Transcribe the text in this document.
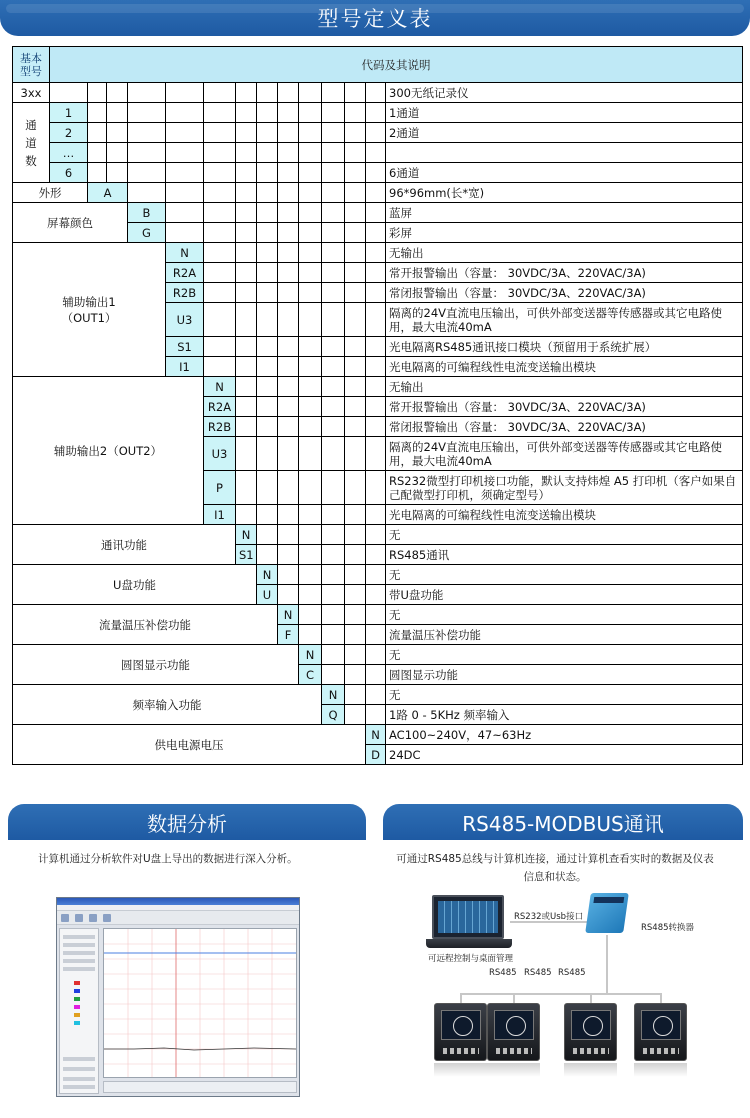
型号定义表
基本型号	代码及其说明													
3xx														300无纸记录仪
通道数	1													1通道
	2													2通道
	…													
	6													6通道
外形		A												96*96mm(长*宽)
屏幕颜色				B										蓝屏
				G										彩屏
辅助输出1
（OUT1）					N									无输出
					R2A									常开报警输出（容量： 30VDC/3A、220VAC/3A)
					R2B									常闭报警输出（容量： 30VDC/3A、220VAC/3A)
					U3									隔离的24V直流电压输出，可供外部变送器等传感器或其它电路使用，最大电流40mA
					S1									光电隔离RS485通讯接口模块（预留用于系统扩展）
					I1									光电隔离的可编程线性电流变送输出模块
辅助输出2（OUT2）						N								无输出
						R2A								常开报警输出（容量： 30VDC/3A、220VAC/3A)
						R2B								常闭报警输出（容量： 30VDC/3A、220VAC/3A)
						U3								隔离的24V直流电压输出，可供外部变送器等传感器或其它电路使用，最大电流40mA
						P								RS232微型打印机接口功能，默认支持炜煌 A5 打印机（客户如果自己配微型打印机，须确定型号）
						I1								光电隔离的可编程线性电流变送输出模块
通讯功能							N							无
							S1							RS485通讯
U盘功能								N						无
								U						带U盘功能
流量温压补偿功能									N					无
									F					流量温压补偿功能
圆图显示功能										N				无
										C				圆图显示功能
频率输入功能											N			无
											Q			1路 0 - 5KHz 频率输入
供电电源电压													N	AC100~240V，47~63Hz
													D	24DC
数据分析	RS485-MODBUS通讯
计算机通过分析软件对U盘上导出的数据进行深入分析。	可通过RS485总线与计算机连接，通过计算机查看实时的数据及仪表信息和状态。
可远程控制与桌面管理
RS232或Usb接口
RS485转换器
RS485 RS485 RS485
